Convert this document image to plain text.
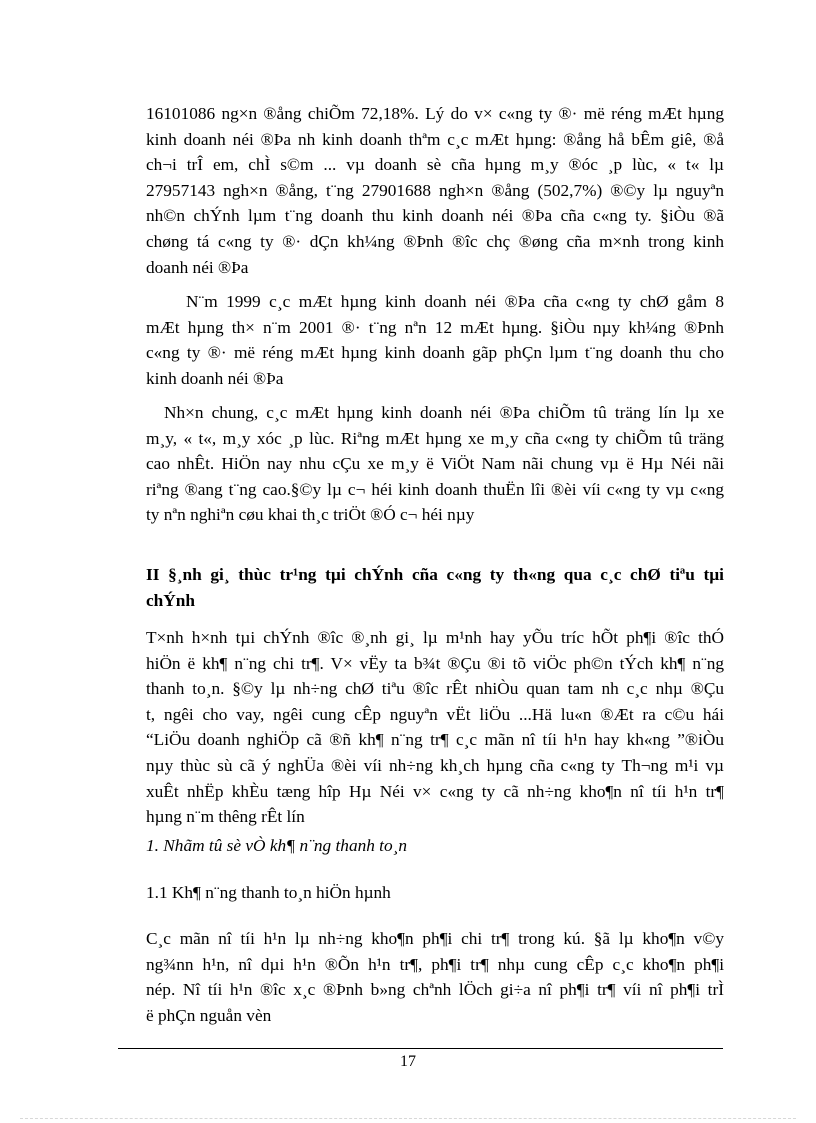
16101086 ng×n ®ång chiÕm 72,18%. Lý do v× c«ng ty ®· më réng mÆt hµng
kinh doanh néi ®Þa nh kinh doanh thªm c¸c mÆt hµng: ®ång hå bÊm giê, ®å
ch¬i trÎ em, chÌ s©m ... vµ doanh sè cña hµng m¸y ®óc ¸p lùc, « t« lµ
27957143 ngh×n ®ång, t¨ng 27901688 ngh×n ®ång (502,7%) ®©y lµ nguyªn
nh©n chÝnh lµm t¨ng doanh thu kinh doanh néi ®Þa cña c«ng ty. §iÒu ®ã
chøng tá c«ng ty ®· dÇn kh¼ng ®Þnh ®îc chç ®øng cña m×nh trong kinh
doanh néi ®Þa
N¨m 1999 c¸c mÆt hµng kinh doanh néi ®Þa cña c«ng ty chØ gåm 8
mÆt hµng th× n¨m 2001 ®· t¨ng nªn 12 mÆt hµng. §iÒu nµy kh¼ng ®Þnh
c«ng ty ®· më réng mÆt hµng kinh doanh gãp phÇn lµm t¨ng doanh thu cho
kinh doanh néi ®Þa
Nh×n chung, c¸c mÆt hµng kinh doanh néi ®Þa chiÕm tû träng lín lµ xe
m¸y, « t«, m¸y xóc ¸p lùc. Riªng mÆt hµng xe m¸y cña c«ng ty chiÕm tû träng
cao nhÊt. HiÖn nay nhu cÇu xe m¸y ë ViÖt Nam nãi chung vµ ë Hµ Néi nãi
riªng ®ang t¨ng cao.§©y lµ c¬ héi kinh doanh thuËn lîi ®èi víi c«ng ty vµ c«ng
ty nªn nghiªn cøu khai th¸c triÖt ®Ó c¬ héi nµy
II §¸nh gi¸ thùc tr¹ng tµi chÝnh cña c«ng ty th«ng qua c¸c chØ tiªu tµi
chÝnh
T×nh h×nh tµi chÝnh ®îc ®¸nh gi¸ lµ m¹nh hay yÕu tríc hÕt ph¶i ®îc thÓ
hiÖn ë kh¶ n¨ng chi tr¶. V× vËy ta b¾t ®Çu ®i tõ viÖc ph©n tÝch kh¶ n¨ng
thanh to¸n. §©y lµ nh÷ng chØ tiªu ®îc rÊt nhiÒu quan tam nh c¸c nhµ ®Çu
t, ngêi cho vay, ngêi cung cÊp nguyªn vËt liÖu ...Hä lu«n ®Æt ra c©u hái
“LiÖu doanh nghiÖp cã ®ñ kh¶ n¨ng tr¶ c¸c mãn nî tíi h¹n hay kh«ng ”®iÒu
nµy thùc sù cã ý nghÜa ®èi víi nh÷ng kh¸ch hµng cña c«ng ty Th¬ng m¹i vµ
xuÊt nhËp khÈu tæng hîp Hµ Néi v× c«ng ty cã nh÷ng kho¶n nî tíi h¹n tr¶
hµng n¨m thêng rÊt lín
1. Nhãm tû sè vÒ kh¶ n¨ng thanh to¸n
1.1 Kh¶ n¨ng thanh to¸n hiÖn hµnh
C¸c mãn nî tíi h¹n lµ nh÷ng kho¶n ph¶i chi tr¶ trong kú. §ã lµ kho¶n v©y
ng¾nn h¹n, nî dµi h¹n ®Õn h¹n tr¶, ph¶i tr¶ nhµ cung cÊp c¸c kho¶n ph¶i
nép. Nî tíi h¹n ®îc x¸c ®Þnh b»ng chªnh lÖch gi÷a nî ph¶i tr¶ víi nî ph¶i trÌ
ë phÇn nguån vèn
17
